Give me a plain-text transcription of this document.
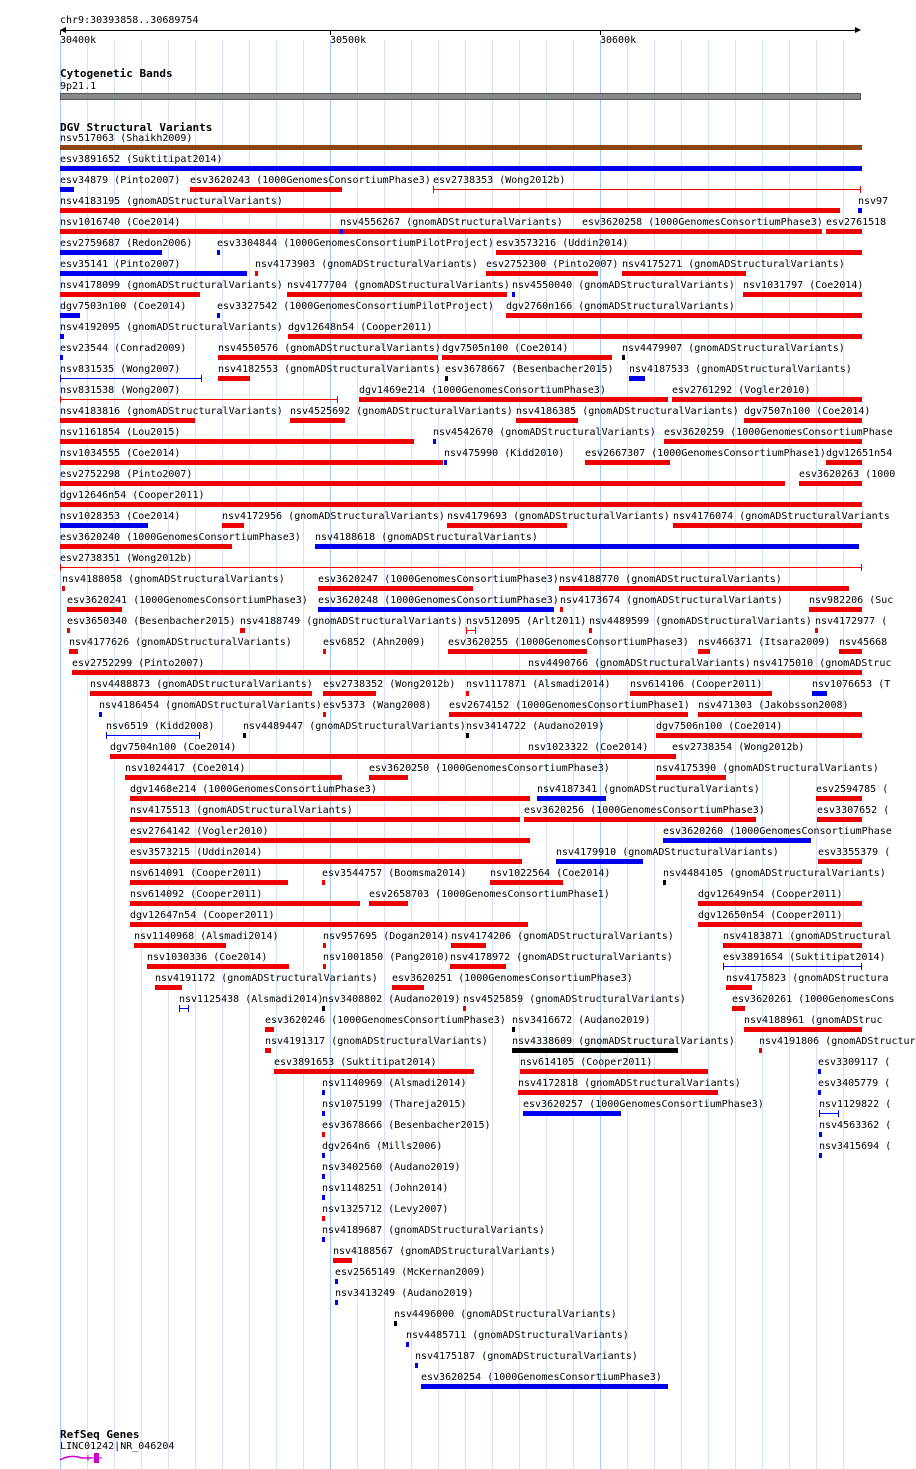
chr9:30393858..30689754
30400k	30500k	30600k
Cytogenetic Bands
9p21.1
DGV Structural Variants
nsv517063 (Shaikh2009)
esv3891652 (Suktitipat2014)
esv34879 (Pinto2007) esv3620243 (1000GenomesConsortiumPhase3) esv2738353 (Wong2012b)
nsv4183195 (gnomADStructuralVariants)	nsv97
nsv1016740 (Coe2014)	nsv4556267 (gnomADStructuralVariants) esv3620258 (1000GenomesConsortiumPhase3) esv2761518
esv2759687 (Redon2006) esv3304844 (1000GenomesConsortiumPilotProject) esv3573216 (Uddin2014)
esv35141 (Pinto2007)	nsv4173903 (gnomADStructuralVariants) esv2752300 (Pinto2007) nsv4175271 (gnomADStructuralVariants)
nsv4178099 (gnomADStructuralVariants) nsv4177704 (gnomADStructuralVariants) nsv4550040 (gnomADStructuralVariants) nsv1031797 (Coe2014)
dgv7503n100 (Coe2014)	esv3327542 (1000GenomesConsortiumPilotProject) dgv2760n166 (gnomADStructuralVariants)
nsv4192095 (gnomADStructuralVariants) dgv12648n54 (Cooper2011)
esv23544 (Conrad2009)	nsv4550576 (gnomADStructuralVariants) dgv7505n100 (Coe2014)	nsv4479907 (gnomADStructuralVariants)
nsv831535 (Wong2007)	nsv4182553 (gnomADStructuralVariants) esv3678667 (Besenbacher2015) nsv4187533 (gnomADStructuralVariants)
nsv831538 (Wong2007)	dgv1469e214 (1000GenomesConsortiumPhase3)	esv2761292 (Vogler2010)
nsv4183816 (gnomADStructuralVariants) nsv4525692 (gnomADStructuralVariants) nsv4186385 (gnomADStructuralVariants) dgv7507n100 (Coe2014)
nsv1161854 (Lou2015)	nsv4542670 (gnomADStructuralVariants) esv3620259 (1000GenomesConsortiumPhase
nsv1034555 (Coe2014)	nsv475990 (Kidd2010) esv2667307 (1000GenomesConsortiumPhase1) dgv12651n54
esv2752298 (Pinto2007)	esv3620263 (1000
dgv12646n54 (Cooper2011)
nsv1028353 (Coe2014)	nsv4172956 (gnomADStructuralVariants) nsv4179693 (gnomADStructuralVariants) nsv4176074 (gnomADStructuralVariants
esv3620240 (1000GenomesConsortiumPhase3) nsv4188618 (gnomADStructuralVariants)
esv2738351 (Wong2012b)
nsv4188058 (gnomADStructuralVariants)	esv3620247 (1000GenomesConsortiumPhase3) nsv4188770 (gnomADStructuralVariants)
esv3620241 (1000GenomesConsortiumPhase3) esv3620248 (1000GenomesConsortiumPhase3) nsv4173674 (gnomADStructuralVariants)	nsv982206 (Suc
esv3650340 (Besenbacher2015) nsv4188749 (gnomADStructuralVariants) nsv512095 (Arlt2011) nsv4489599 (gnomADStructuralVariants) nsv4172977 (
nsv4177626 (gnomADStructuralVariants)	esv6852 (Ahn2009) esv3620255 (1000GenomesConsortiumPhase3) nsv466371 (Itsara2009) nsv45668
esv2752299 (Pinto2007)	nsv4490766 (gnomADStructuralVariants) nsv4175010 (gnomADStruc
nsv4488873 (gnomADStructuralVariants) esv2738352 (Wong2012b) nsv1117871 (Alsmadi2014) nsv614106 (Cooper2011)	nsv1076653 (T
nsv4186454 (gnomADStructuralVariants) esv5373 (Wang2008) esv2674152 (1000GenomesConsortiumPhase1) nsv471303 (Jakobsson2008)
nsv6519 (Kidd2008)	nsv4489447 (gnomADStructuralVariants) nsv3414722 (Audano2019)	dgv7506n100 (Coe2014)
dgv7504n100 (Coe2014)	nsv1023322 (Coe2014) esv2738354 (Wong2012b)
nsv1024417 (Coe2014)	esv3620250 (1000GenomesConsortiumPhase3)	nsv4175390 (gnomADStructuralVariants)
dgv1468e214 (1000GenomesConsortiumPhase3)	nsv4187341 (gnomADStructuralVariants)	esv2594785 (
nsv4175513 (gnomADStructuralVariants)	esv3620256 (1000GenomesConsortiumPhase3)	esv3307652 (
esv2764142 (Vogler2010)	esv3620260 (1000GenomesConsortiumPhase
esv3573215 (Uddin2014)	nsv4179910 (gnomADStructuralVariants)	esv3355379 (
nsv614091 (Cooper2011)	esv3544757 (Boomsma2014) nsv1022564 (Coe2014)	nsv4484105 (gnomADStructuralVariants)
nsv614092 (Cooper2011)	esv2658703 (1000GenomesConsortiumPhase1)	dgv12649n54 (Cooper2011)
dgv12647n54 (Cooper2011)	dgv12650n54 (Cooper2011)
nsv1140968 (Alsmadi2014)	nsv957695 (Dogan2014) nsv4174206 (gnomADStructuralVariants)	nsv4183871 (gnomADStructural
nsv1030336 (Coe2014)	nsv1001850 (Pang2010) nsv4178972 (gnomADStructuralVariants)	esv3891654 (Suktitipat2014)
nsv4191172 (gnomADStructuralVariants) esv3620251 (1000GenomesConsortiumPhase3)	nsv4175823 (gnomADStructura
nsv1125438 (Alsmadi2014)
nsv3408802 (Audano2019) nsv4525859 (gnomADStructuralVariants)	esv3620261 (1000GenomesCons
esv3620246 (1000GenomesConsortiumPhase3) nsv3416672 (Audano2019)	nsv4188961 (gnomADStruc
nsv4191317 (gnomADStructuralVariants) nsv4338609 (gnomADStructuralVariants) nsv4191806 (gnomADStructur
esv3891653 (Suktitipat2014)	nsv614105 (Cooper2011)	esv3309117 (
nsv1140969 (Alsmadi2014)	nsv4172818 (gnomADStructuralVariants)	esv3405779 (
nsv1075199 (Thareja2015)	esv3620257 (1000GenomesConsortiumPhase3)	nsv1129822 (
esv3678666 (Besenbacher2015)	nsv4563362 (
dgv264n6 (Mills2006)	nsv3415694 (
nsv3402560 (Audano2019)
nsv1148251 (John2014)
nsv1325712 (Levy2007)
nsv4189687 (gnomADStructuralVariants)
nsv4188567 (gnomADStructuralVariants)
esv2565149 (McKernan2009)
nsv3413249 (Audano2019)
nsv4496000 (gnomADStructuralVariants)
nsv4485711 (gnomADStructuralVariants)
nsv4175187 (gnomADStructuralVariants)
esv3620254 (1000GenomesConsortiumPhase3)
RefSeq Genes
LINC01242|NR_046204
